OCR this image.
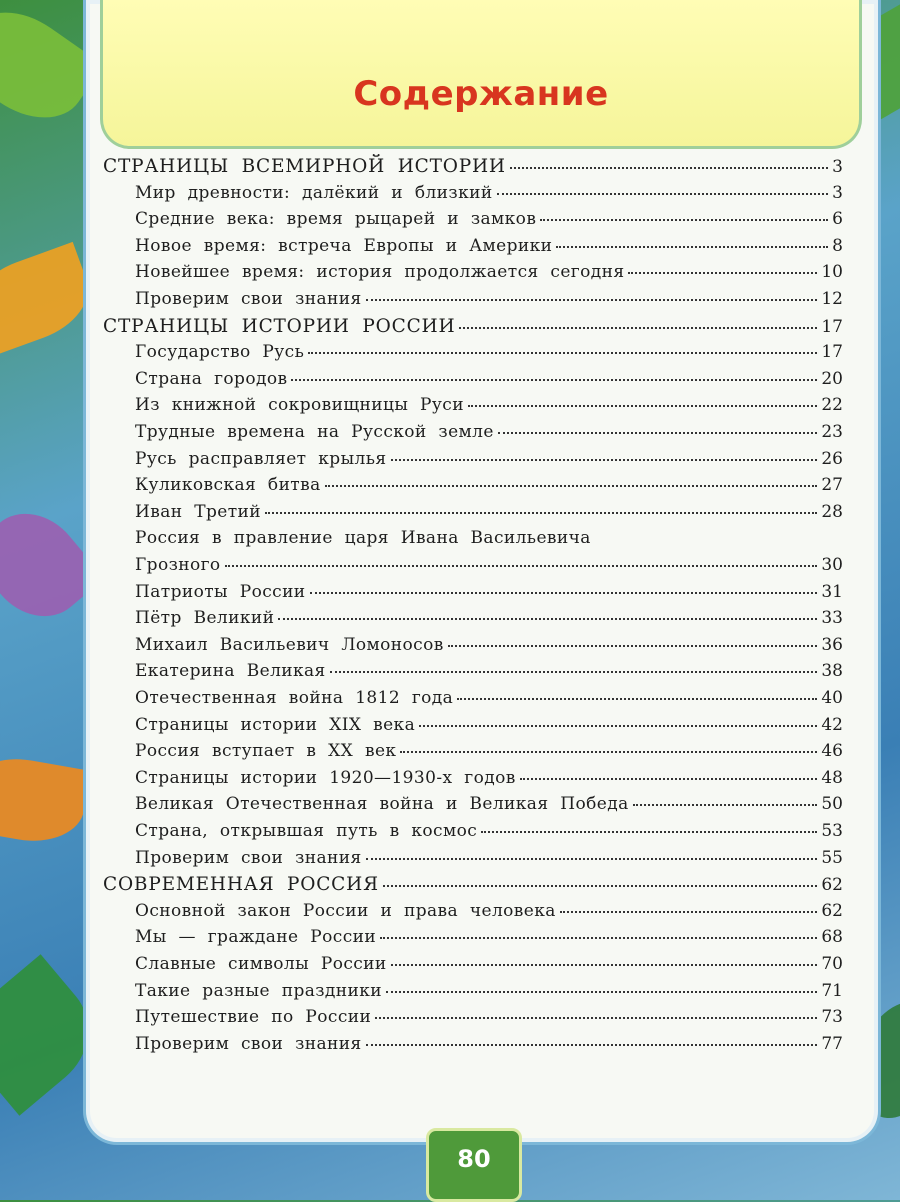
Содержание
СТРАНИЦЫ ВСЕМИРНОЙ ИСТОРИИ	3
Мир древности: далёкий и близкий	3
Средние века: время рыцарей и замков	6
Новое время: встреча Европы и Америки	8
Новейшее время: история продолжается сегодня	10
Проверим свои знания	12
СТРАНИЦЫ ИСТОРИИ РОССИИ	17
Государство Русь	17
Страна городов	20
Из книжной сокровищницы Руси	22
Трудные времена на Русской земле	23
Русь расправляет крылья	26
Куликовская битва	27
Иван Третий	28
Россия в правление царя Ивана Васильевича
Грозного	30
Патриоты России	31
Пётр Великий	33
Михаил Васильевич Ломоносов	36
Екатерина Великая	38
Отечественная война 1812 года	40
Страницы истории XIX века	42
Россия вступает в XX век	46
Страницы истории 1920—1930-х годов	48
Великая Отечественная война и Великая Победа	50
Страна, открывшая путь в космос	53
Проверим свои знания	55
СОВРЕМЕННАЯ РОССИЯ	62
Основной закон России и права человека	62
Мы — граждане России	68
Славные символы России	70
Такие разные праздники	71
Путешествие по России	73
Проверим свои знания	77
80
